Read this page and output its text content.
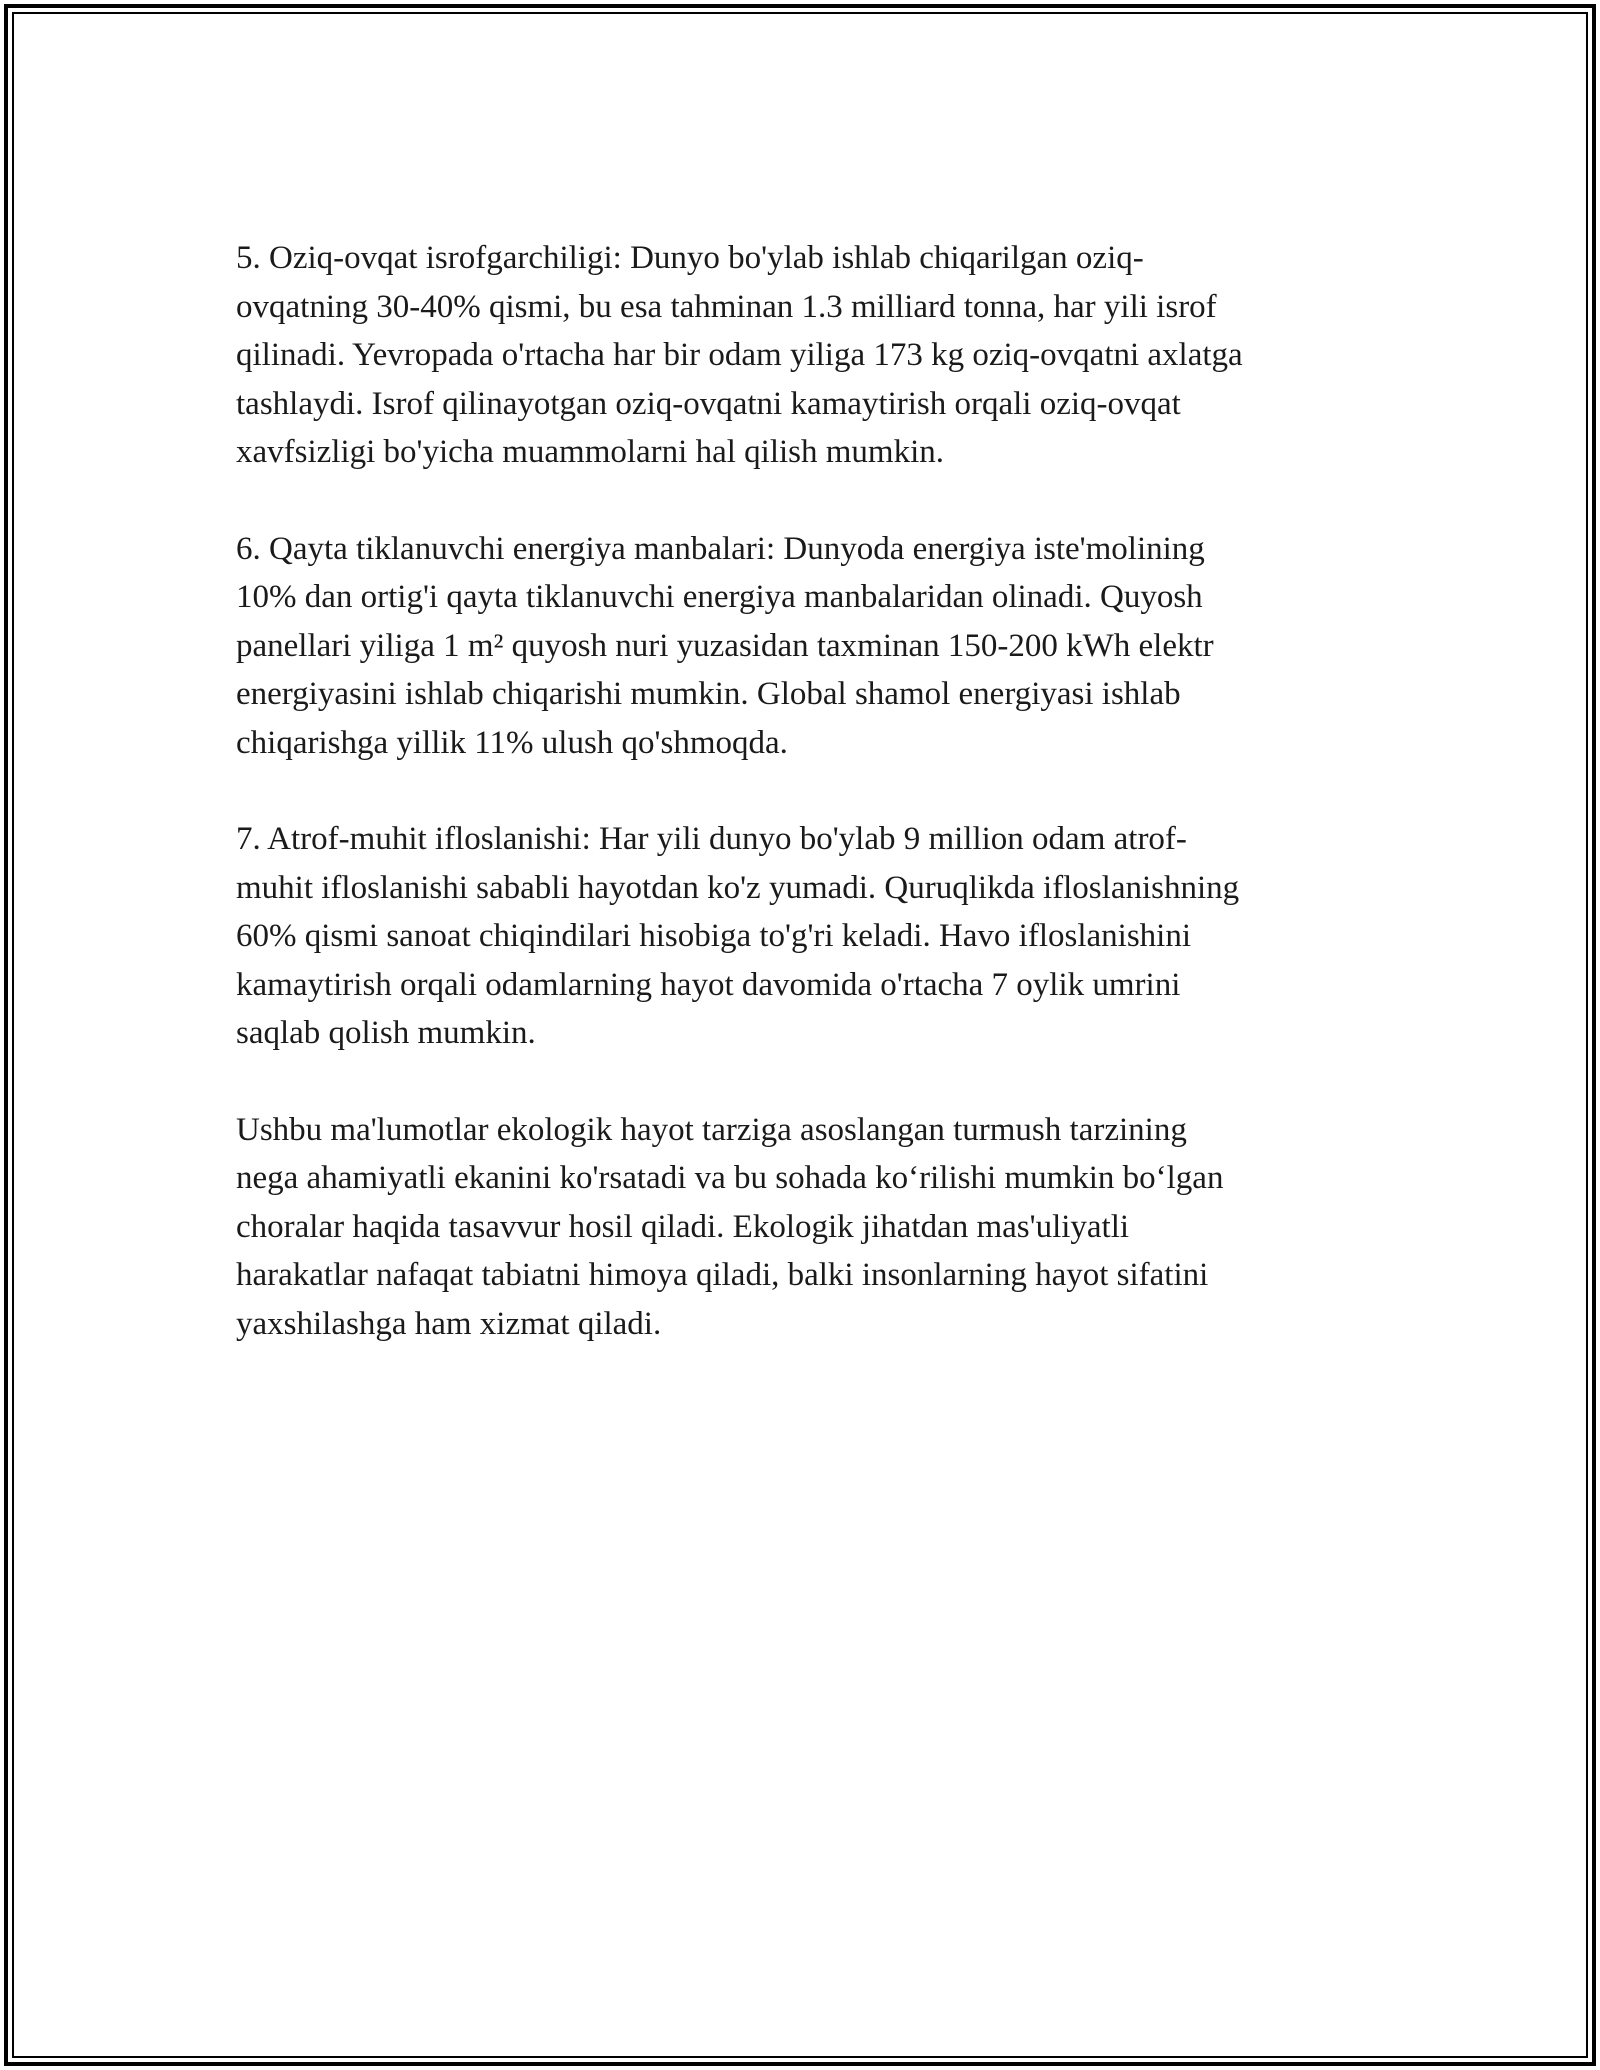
5. Oziq-ovqat isrofgarchiligi: Dunyo bo'ylab ishlab chiqarilgan oziq-
ovqatning 30-40% qismi, bu esa tahminan 1.3 milliard tonna, har yili isrof
qilinadi. Yevropada o'rtacha har bir odam yiliga 173 kg oziq-ovqatni axlatga
tashlaydi. Isrof qilinayotgan oziq-ovqatni kamaytirish orqali oziq-ovqat
xavfsizligi bo'yicha muammolarni hal qilish mumkin.

6. Qayta tiklanuvchi energiya manbalari: Dunyoda energiya iste'molining
10% dan ortig'i qayta tiklanuvchi energiya manbalaridan olinadi. Quyosh
panellari yiliga 1 m² quyosh nuri yuzasidan taxminan 150-200 kWh elektr
energiyasini ishlab chiqarishi mumkin. Global shamol energiyasi ishlab
chiqarishga yillik 11% ulush qo'shmoqda.

7. Atrof-muhit ifloslanishi: Har yili dunyo bo'ylab 9 million odam atrof-
muhit ifloslanishi sababli hayotdan ko'z yumadi. Quruqlikda ifloslanishning
60% qismi sanoat chiqindilari hisobiga to'g'ri keladi. Havo ifloslanishini
kamaytirish orqali odamlarning hayot davomida o'rtacha 7 oylik umrini
saqlab qolish mumkin.

Ushbu ma'lumotlar ekologik hayot tarziga asoslangan turmush tarzining
nega ahamiyatli ekanini ko'rsatadi va bu sohada ko‘rilishi mumkin bo‘lgan
choralar haqida tasavvur hosil qiladi. Ekologik jihatdan mas'uliyatli
harakatlar nafaqat tabiatni himoya qiladi, balki insonlarning hayot sifatini
yaxshilashga ham xizmat qiladi.
